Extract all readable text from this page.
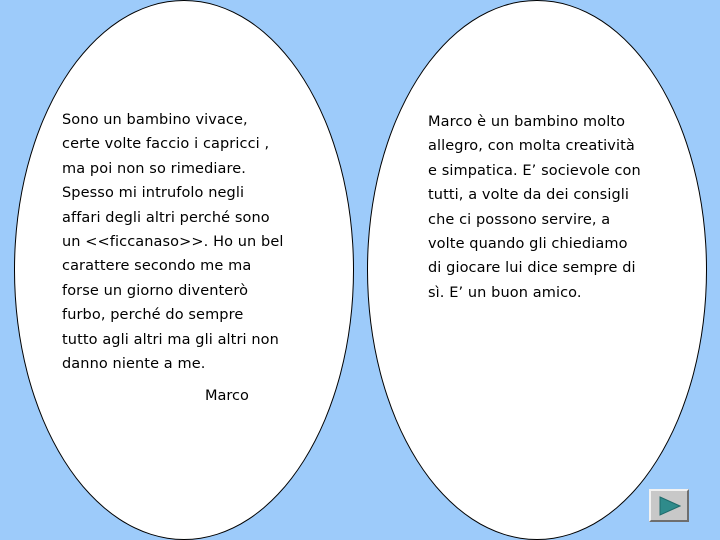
Sono un bambino vivace,
certe volte faccio i capricci ,
ma poi non so rimediare.
Spesso mi intrufolo negli
affari degli altri perché sono
un <<ficcanaso>>. Ho un bel
carattere secondo me ma
forse un giorno diventerò
furbo, perché do sempre
tutto agli altri ma gli altri non
danno niente a me.
Marco
Marco è un bambino molto
allegro, con molta creatività
e simpatica. E’ socievole con
tutti, a volte da dei consigli
che ci possono servire, a
volte quando gli chiediamo
di giocare lui dice sempre di
sì. E’ un buon amico.
